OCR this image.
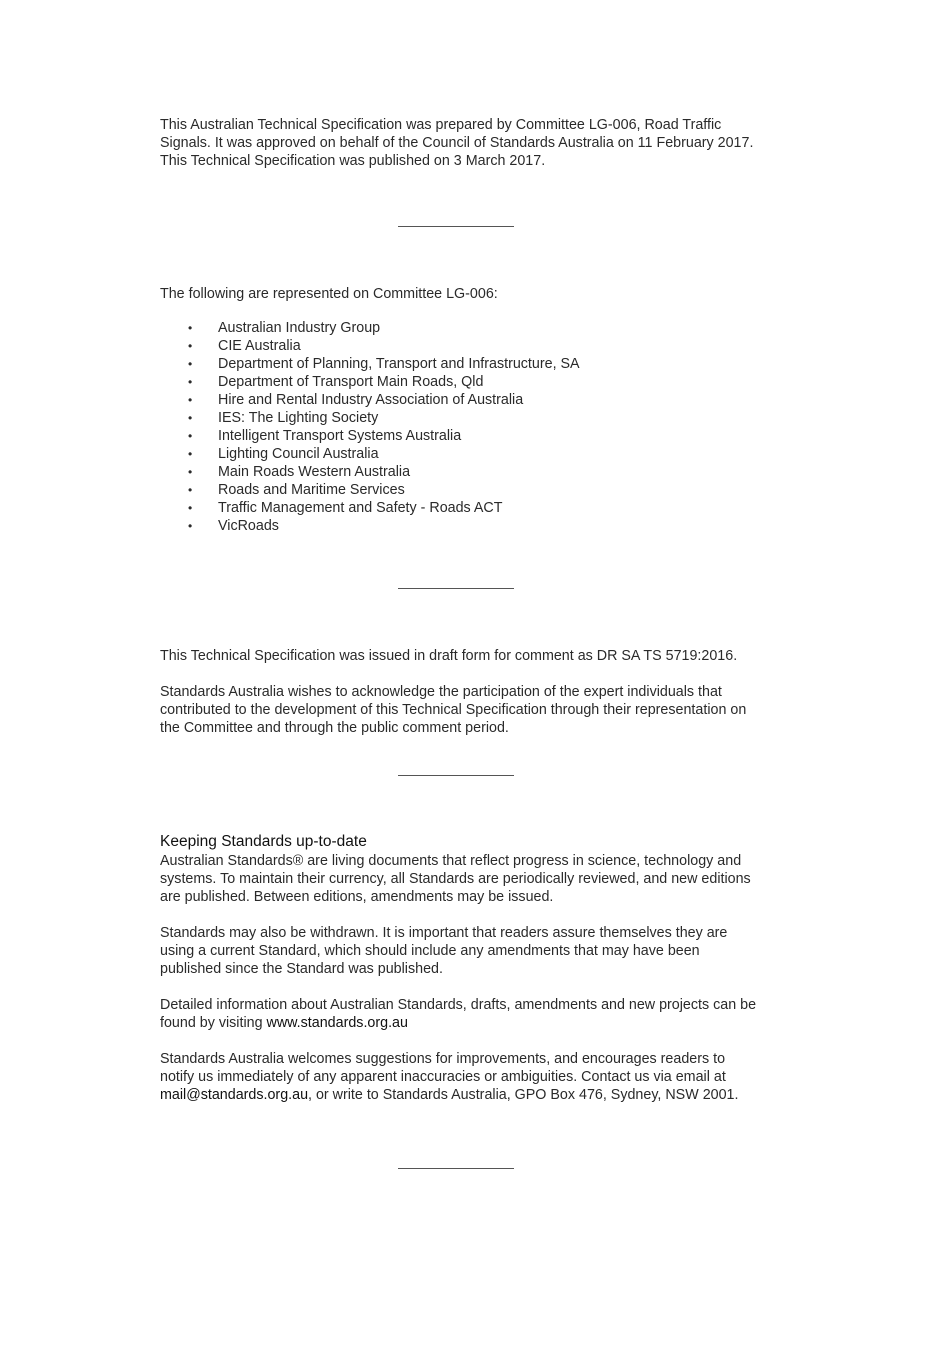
This Australian Technical Specification was prepared by Committee LG-006, Road Traffic Signals. It was approved on behalf of the Council of Standards Australia on 11 February 2017.

This Technical Specification was published on 3 March 2017.

The following are represented on Committee LG-006:

• Australian Industry Group
• CIE Australia
• Department of Planning, Transport and Infrastructure, SA
• Department of Transport Main Roads, Qld
• Hire and Rental Industry Association of Australia
• IES: The Lighting Society
• Intelligent Transport Systems Australia
• Lighting Council Australia
• Main Roads Western Australia
• Roads and Maritime Services
• Traffic Management and Safety - Roads ACT
• VicRoads

This Technical Specification was issued in draft form for comment as DR SA TS 5719:2016.

Standards Australia wishes to acknowledge the participation of the expert individuals that contributed to the development of this Technical Specification through their representation on the Committee and through the public comment period.

Keeping Standards up-to-date

Australian Standards® are living documents that reflect progress in science, technology and systems. To maintain their currency, all Standards are periodically reviewed, and new editions are published. Between editions, amendments may be issued.

Standards may also be withdrawn. It is important that readers assure themselves they are using a current Standard, which should include any amendments that may have been published since the Standard was published.

Detailed information about Australian Standards, drafts, amendments and new projects can be found by visiting www.standards.org.au

Standards Australia welcomes suggestions for improvements, and encourages readers to notify us immediately of any apparent inaccuracies or ambiguities. Contact us via email at mail@standards.org.au, or write to Standards Australia, GPO Box 476, Sydney, NSW 2001.
